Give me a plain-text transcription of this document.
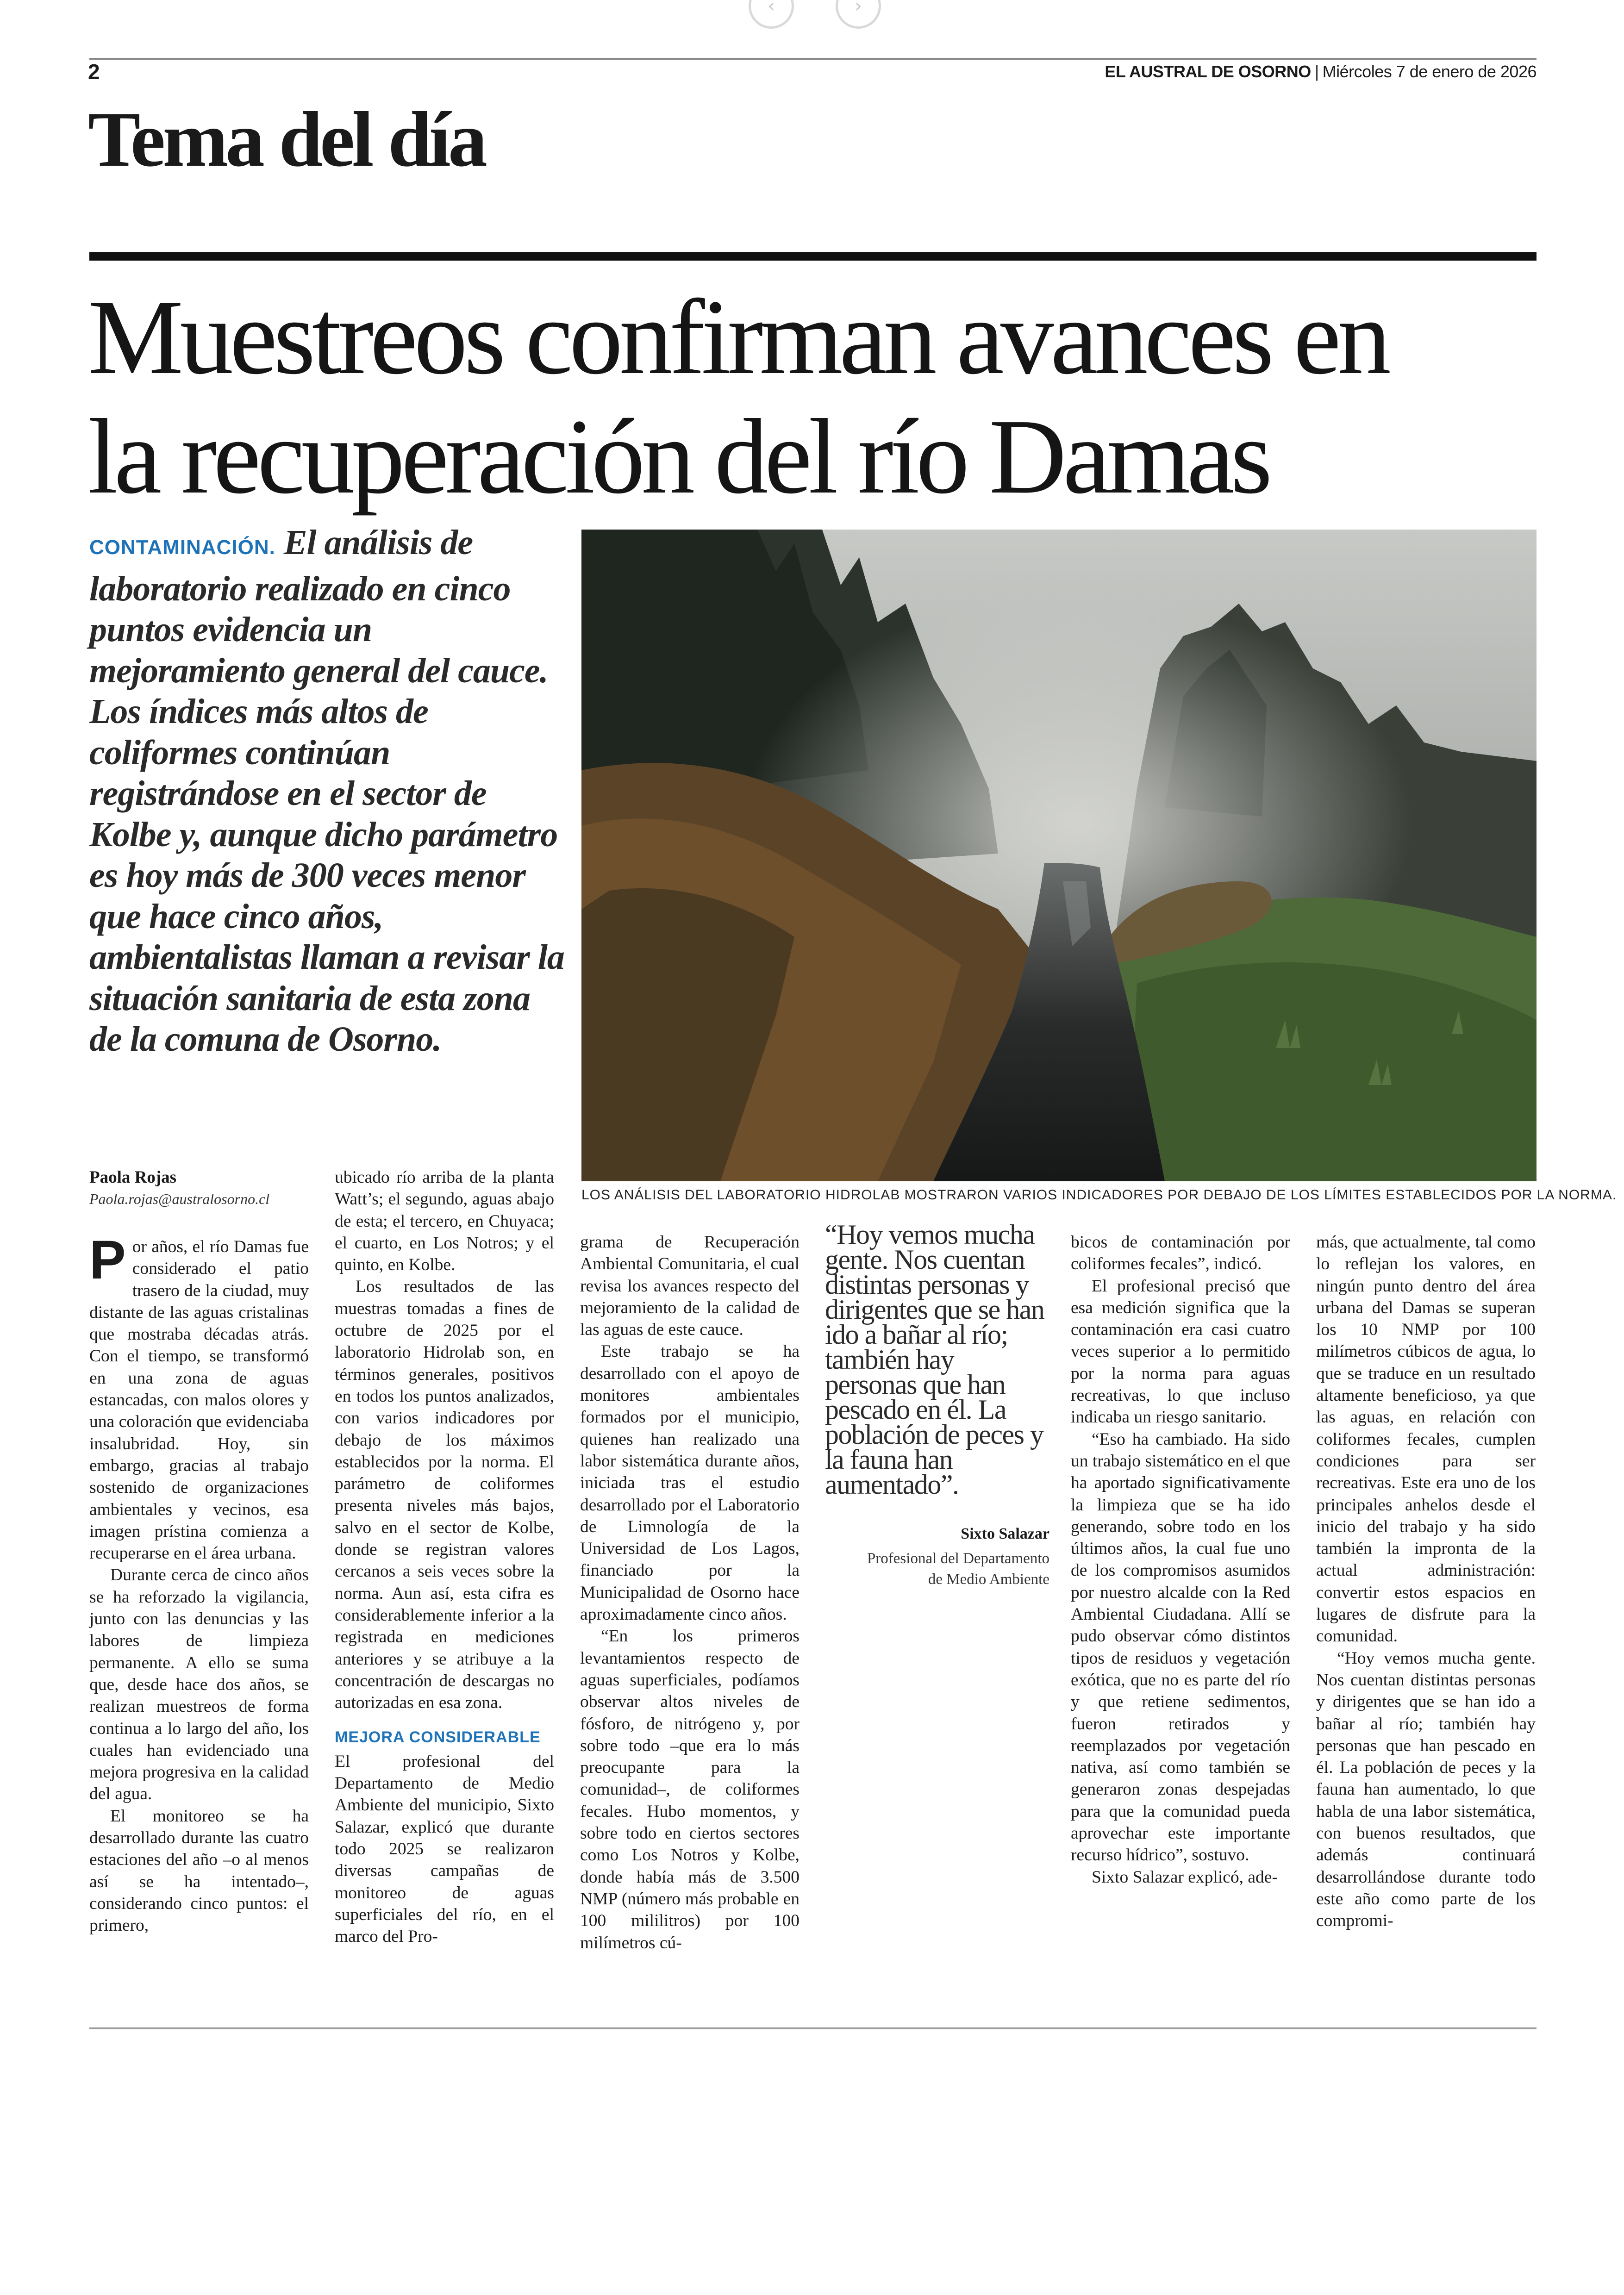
‹	›
2	EL AUSTRAL DE OSORNO | Miércoles 7 de enero de 2026
Tema del día
Muestreos confirman avances en
la recuperación del río Damas
CONTAMINACIÓN. El análisis de laboratorio realizado en cinco puntos evidencia un mejoramiento general del cauce. Los índices más altos de coliformes continúan registrándose en el sector de Kolbe y, aunque dicho parámetro es hoy más de 300 veces menor que hace cinco años, ambientalistas llaman a revisar la situación sanitaria de esta zona de la comuna de Osorno.
LOS ANÁLISIS DEL LABORATORIO HIDROLAB MOSTRARON VARIOS INDICADORES POR DEBAJO DE LOS LÍMITES ESTABLECIDOS POR LA NORMA.
Paola Rojas
Paola.rojas@australosorno.cl

Por años, el río Damas fue considerado el patio trasero de la ciudad, muy distante de las aguas cristalinas que mostraba décadas atrás. Con el tiempo, se transformó en una zona de aguas estancadas, con malos olores y una coloración que evidenciaba insalubridad. Hoy, sin embargo, gracias al trabajo sostenido de organizaciones ambientales y vecinos, esa imagen prístina comienza a recuperarse en el área urbana.

Durante cerca de cinco años se ha reforzado la vigilancia, junto con las denuncias y las labores de limpieza permanente. A ello se suma que, desde hace dos años, se realizan muestreos de forma continua a lo largo del año, los cuales han evidenciado una mejora progresiva en la calidad del agua.

El monitoreo se ha desarrollado durante las cuatro estaciones del año –o al menos así se ha intentado–, considerando cinco puntos: el primero,

ubicado río arriba de la planta Watt’s; el segundo, aguas abajo de esta; el tercero, en Chuyaca; el cuarto, en Los Notros; y el quinto, en Kolbe.

Los resultados de las muestras tomadas a fines de octubre de 2025 por el laboratorio Hidrolab son, en términos generales, positivos en todos los puntos analizados, con varios indicadores por debajo de los máximos establecidos por la norma. El parámetro de coliformes presenta niveles más bajos, salvo en el sector de Kolbe, donde se registran valores cercanos a seis veces sobre la norma. Aun así, esta cifra es considerablemente inferior a la registrada en mediciones anteriores y se atribuye a la concentración de descargas no autorizadas en esa zona.

MEJORA CONSIDERABLE

El profesional del Departamento de Medio Ambiente del municipio, Sixto Salazar, explicó que durante todo 2025 se realizaron diversas campañas de monitoreo de aguas superficiales del río, en el marco del Pro-

grama de Recuperación Ambiental Comunitaria, el cual revisa los avances respecto del mejoramiento de la calidad de las aguas de este cauce.

Este trabajo se ha desarrollado con el apoyo de monitores ambientales formados por el municipio, quienes han realizado una labor sistemática durante años, iniciada tras el estudio desarrollado por el Laboratorio de Limnología de la Universidad de Los Lagos, financiado por la Municipalidad de Osorno hace aproximadamente cinco años.

“En los primeros levantamientos respecto de aguas superficiales, podíamos observar altos niveles de fósforo, de nitrógeno y, por sobre todo –que era lo más preocupante para la comunidad–, de coliformes fecales. Hubo momentos, y sobre todo en ciertos sectores como Los Notros y Kolbe, donde había más de 3.500 NMP (número más probable en 100 mililitros) por 100 milímetros cú-

“Hoy vemos mucha gente. Nos cuentan distintas personas y dirigentes que se han ido a bañar al río; también hay personas que han pescado en él. La población de peces y la fauna han aumentado”.
Sixto Salazar
Profesional del Departamento
de Medio Ambiente

bicos de contaminación por coliformes fecales”, indicó.

El profesional precisó que esa medición significa que la contaminación era casi cuatro veces superior a lo permitido por la norma para aguas recreativas, lo que incluso indicaba un riesgo sanitario.

“Eso ha cambiado. Ha sido un trabajo sistemático en el que ha aportado significativamente la limpieza que se ha ido generando, sobre todo en los últimos años, la cual fue uno de los compromisos asumidos por nuestro alcalde con la Red Ambiental Ciudadana. Allí se pudo observar cómo distintos tipos de residuos y vegetación exótica, que no es parte del río y que retiene sedimentos, fueron retirados y reemplazados por vegetación nativa, así como también se generaron zonas despejadas para que la comunidad pueda aprovechar este importante recurso hídrico”, sostuvo.

Sixto Salazar explicó, ade-

más, que actualmente, tal como lo reflejan los valores, en ningún punto dentro del área urbana del Damas se superan los 10 NMP por 100 milímetros cúbicos de agua, lo que se traduce en un resultado altamente beneficioso, ya que las aguas, en relación con coliformes fecales, cumplen condiciones para ser recreativas. Este era uno de los principales anhelos desde el inicio del trabajo y ha sido también la impronta de la actual administración: convertir estos espacios en lugares de disfrute para la comunidad.

“Hoy vemos mucha gente. Nos cuentan distintas personas y dirigentes que se han ido a bañar al río; también hay personas que han pescado en él. La población de peces y la fauna han aumentado, lo que habla de una labor sistemática, con buenos resultados, que además continuará desarrollándose durante todo este año como parte de los compromi-
